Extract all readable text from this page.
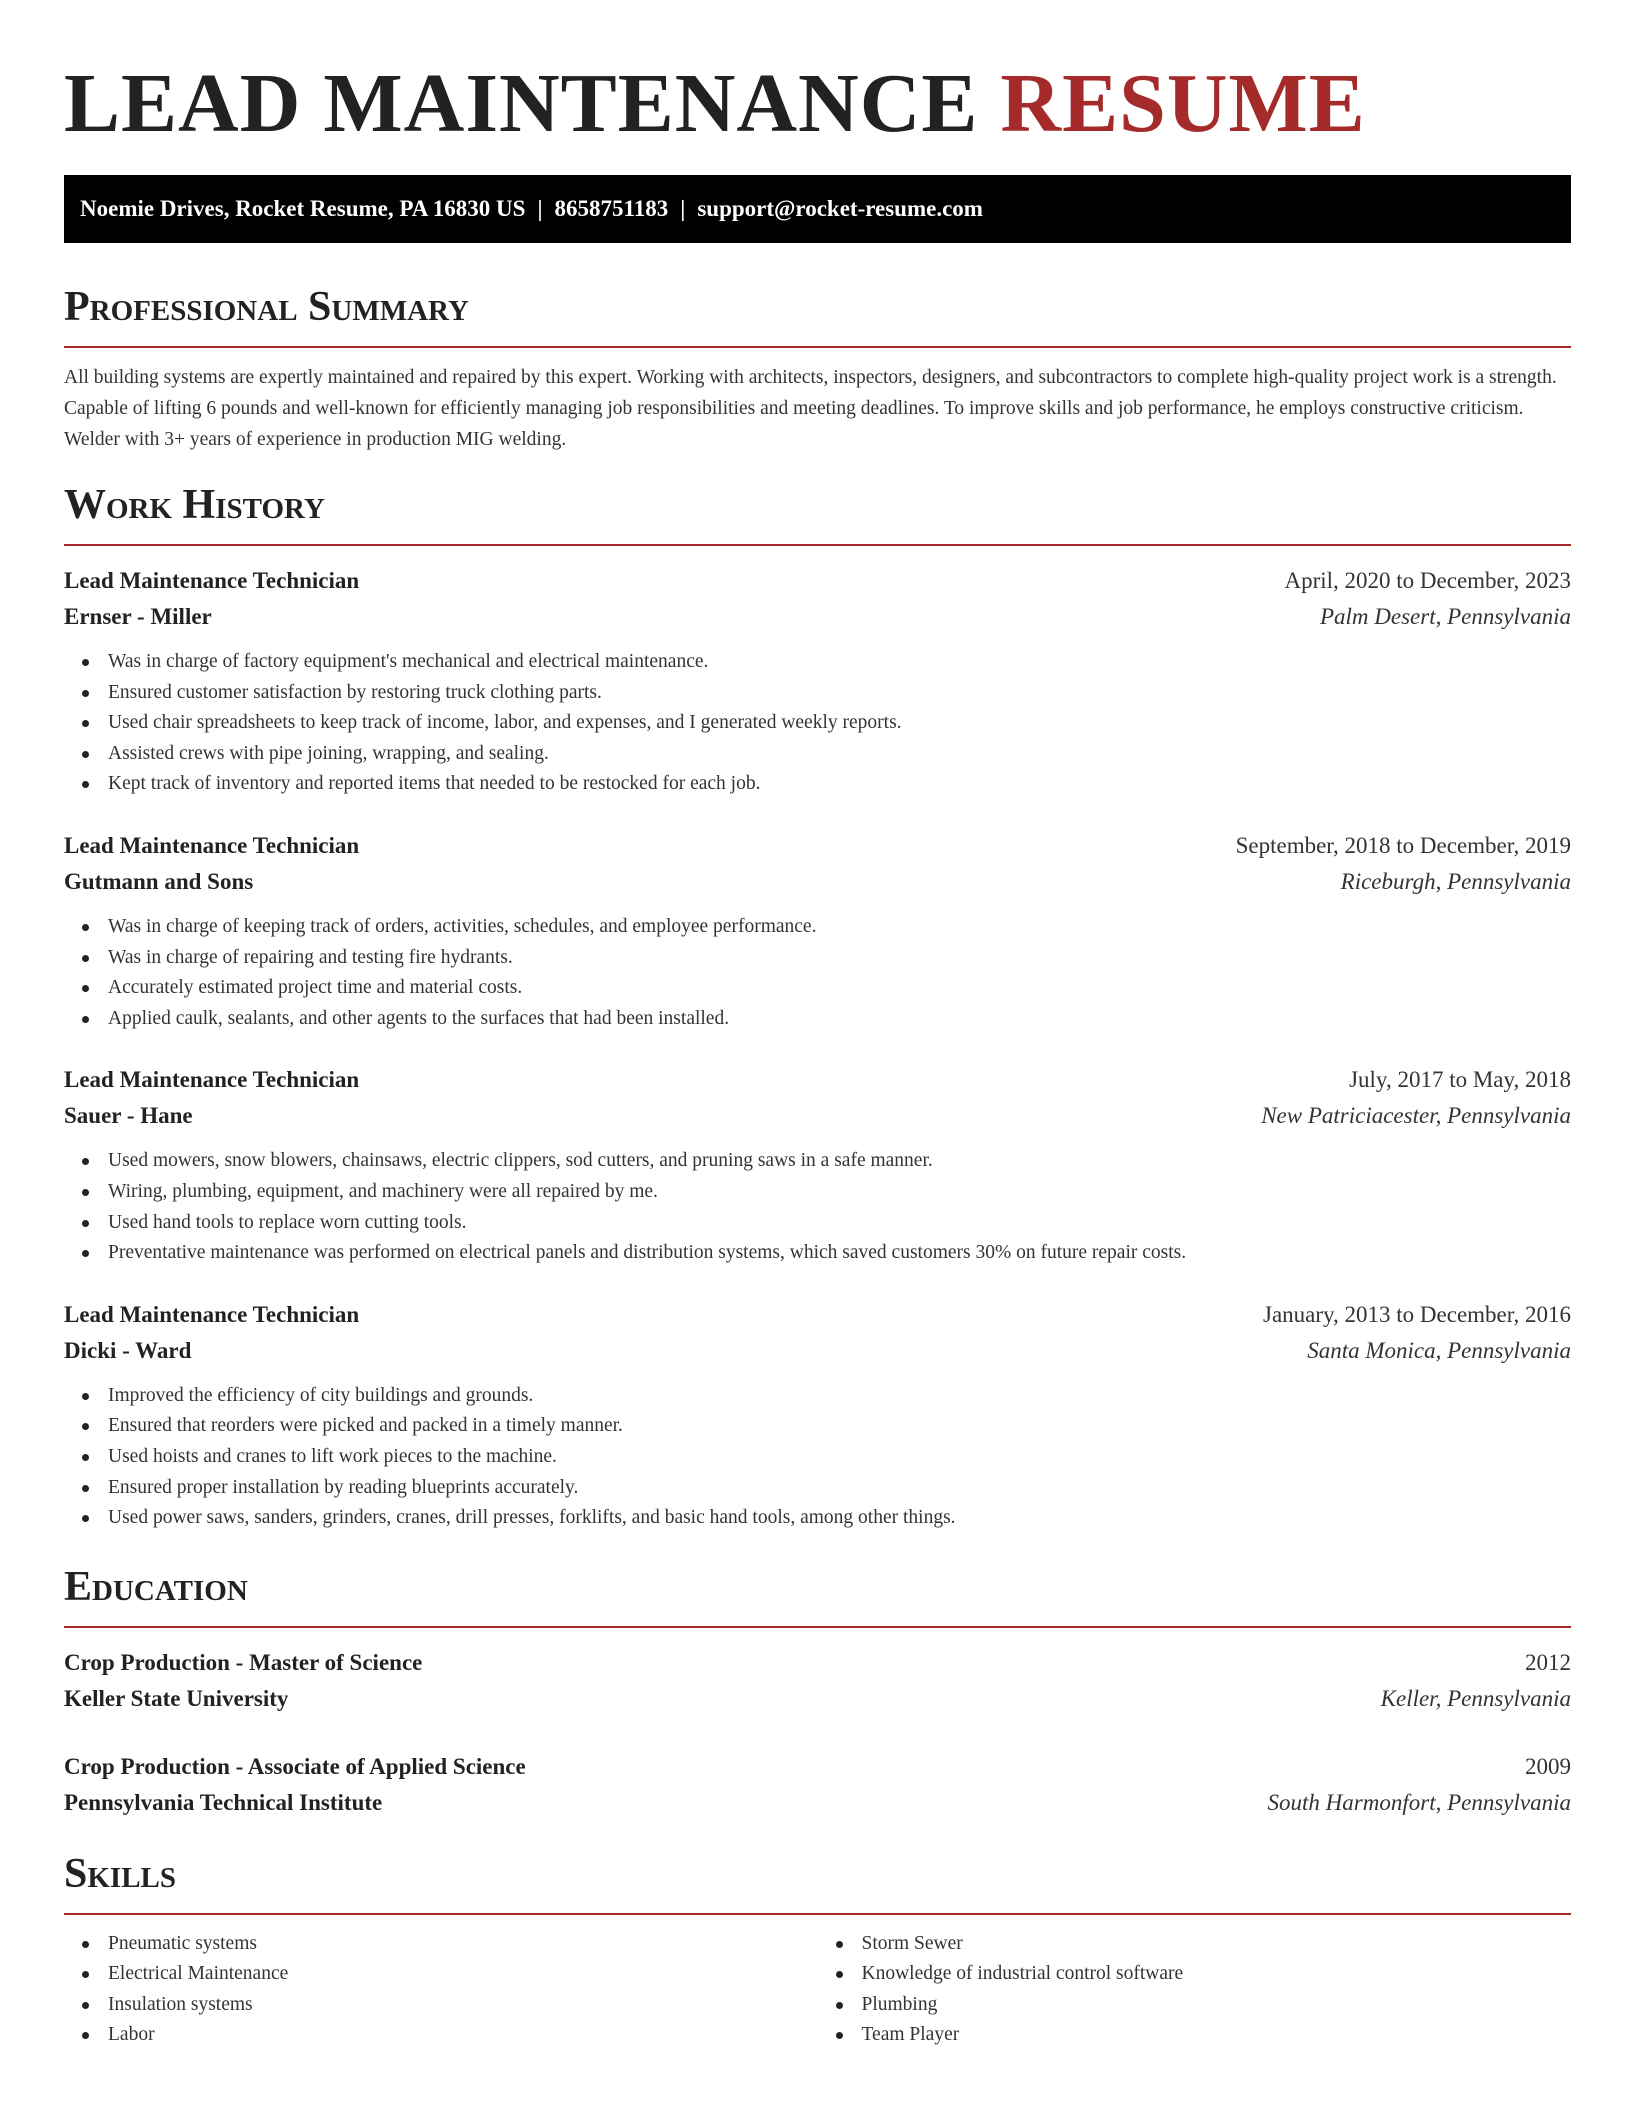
LEAD MAINTENANCE RESUME
Noemie Drives, Rocket Resume, PA 16830 US | 8658751183 | support@rocket-resume.com
Professional Summary
All building systems are expertly maintained and repaired by this expert. Working with architects, inspectors, designers, and subcontractors to complete high-quality project work is a strength. Capable of lifting 6 pounds and well-known for efficiently managing job responsibilities and meeting deadlines. To improve skills and job performance, he employs constructive criticism. Welder with 3+ years of experience in production MIG welding.
Work History
Lead Maintenance Technician	April, 2020 to December, 2023
Ernser - Miller	Palm Desert, Pennsylvania
Was in charge of factory equipment's mechanical and electrical maintenance.
Ensured customer satisfaction by restoring truck clothing parts.
Used chair spreadsheets to keep track of income, labor, and expenses, and I generated weekly reports.
Assisted crews with pipe joining, wrapping, and sealing.
Kept track of inventory and reported items that needed to be restocked for each job.
Lead Maintenance Technician	September, 2018 to December, 2019
Gutmann and Sons	Riceburgh, Pennsylvania
Was in charge of keeping track of orders, activities, schedules, and employee performance.
Was in charge of repairing and testing fire hydrants.
Accurately estimated project time and material costs.
Applied caulk, sealants, and other agents to the surfaces that had been installed.
Lead Maintenance Technician	July, 2017 to May, 2018
Sauer - Hane	New Patriciacester, Pennsylvania
Used mowers, snow blowers, chainsaws, electric clippers, sod cutters, and pruning saws in a safe manner.
Wiring, plumbing, equipment, and machinery were all repaired by me.
Used hand tools to replace worn cutting tools.
Preventative maintenance was performed on electrical panels and distribution systems, which saved customers 30% on future repair costs.
Lead Maintenance Technician	January, 2013 to December, 2016
Dicki - Ward	Santa Monica, Pennsylvania
Improved the efficiency of city buildings and grounds.
Ensured that reorders were picked and packed in a timely manner.
Used hoists and cranes to lift work pieces to the machine.
Ensured proper installation by reading blueprints accurately.
Used power saws, sanders, grinders, cranes, drill presses, forklifts, and basic hand tools, among other things.
Education
Crop Production - Master of Science	2012
Keller State University	Keller, Pennsylvania
Crop Production - Associate of Applied Science	2009
Pennsylvania Technical Institute	South Harmonfort, Pennsylvania
Skills
Pneumatic systems
Electrical Maintenance
Insulation systems
Labor
Storm Sewer
Knowledge of industrial control software
Plumbing
Team Player
